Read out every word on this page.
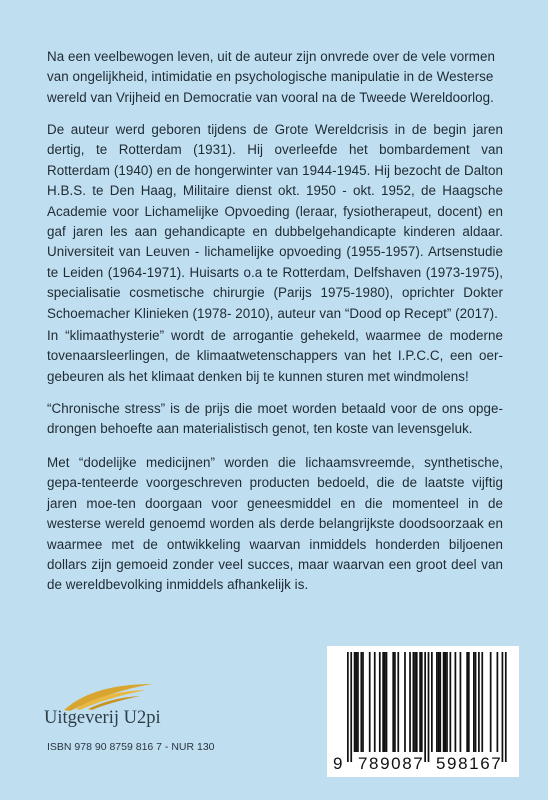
Na een veelbewogen leven, uit de auteur zijn onvrede over de vele vormen van ongelijkheid, intimidatie en psychologische manipulatie in de Westerse wereld van Vrijheid en Democratie van vooral na de Tweede Wereldoorlog.

De auteur werd geboren tijdens de Grote Wereldcrisis in de begin jaren dertig, te Rotterdam (1931). Hij overleefde het bombardement van Rotterdam (1940) en de hongerwinter van 1944-1945. Hij bezocht de Dalton H.B.S. te Den Haag, Militaire dienst okt. 1950 - okt. 1952, de Haagsche Academie voor Lichamelijke Opvoeding (leraar, fysiotherapeut, docent) en gaf jaren les aan gehandicapte en dubbelgehandicapte kinderen aldaar. Universiteit van Leuven - lichamelijke opvoeding (1955-1957). Artsenstudie te Leiden (1964-1971). Huisarts o.a te Rotterdam, Delfshaven (1973-1975), specialisatie cosmetische chirurgie (Parijs 1975-1980), oprichter Dokter Schoemacher Klinieken (1978- 2010), auteur van “Dood op Recept” (2017).

In “klimaathysterie” wordt de arrogantie gehekeld, waarmee de moderne tovenaarsleerlingen, de klimaatwetenschappers van het I.P.C.C, een oer-gebeuren als het klimaat denken bij te kunnen sturen met windmolens!

“Chronische stress” is de prijs die moet worden betaald voor de ons opge-drongen behoefte aan materialistisch genot, ten koste van levensgeluk.

Met “dodelijke medicijnen” worden die lichaamsvreemde, synthetische, gepa-tenteerde voorgeschreven producten bedoeld, die de laatste vijftig jaren moe-ten doorgaan voor geneesmiddel en die momenteel in de westerse wereld genoemd worden als derde belangrijkste doodsoorzaak en waarmee met de ontwikkeling waarvan inmiddels honderden biljoenen dollars zijn gemoeid zonder veel succes, maar waarvan een groot deel van de wereldbevolking inmiddels afhankelijk is.

Uitgeverij U2pi
ISBN 978 90 8759 816 7 - NUR 130
9 789087 598167
